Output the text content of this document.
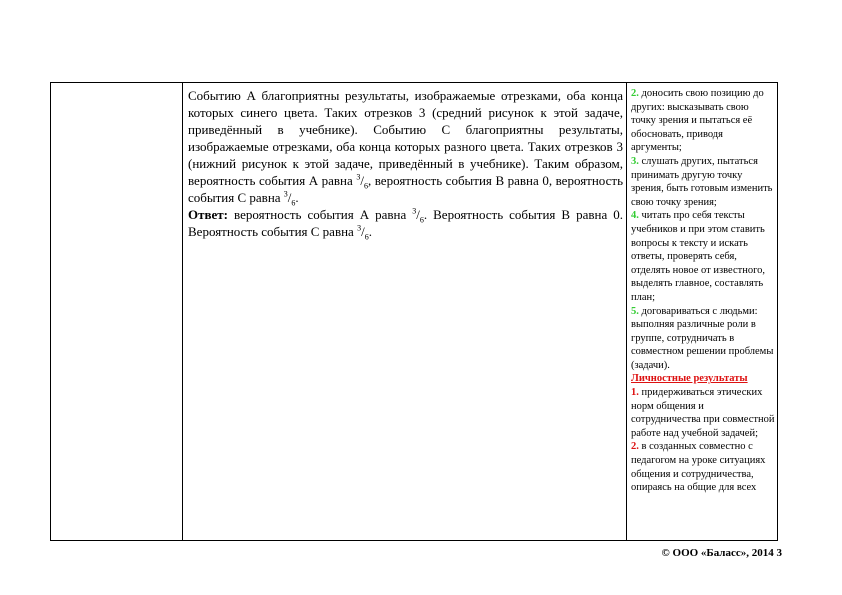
Событию А благоприятны результаты, изображаемые отрезками, оба конца которых синего цвета. Таких отрезков 3 (средний рисунок к этой задаче, приведённый в учебнике). Событию С благоприятны результаты, изображаемые отрезками, оба конца которых разного цвета. Таких отрезков 3 (нижний рисунок к этой задаче, приведённый в учебнике). Таким образом, вероятность события А равна $^3/_6$, вероятность события В равна 0, вероятность события С равна $^3/_6$.
Ответ: вероятность события А равна $^3/_6$. Вероятность события В равна 0. Вероятность события С равна $^3/_6$.

2. доносить свою позицию до других: высказывать свою точку зрения и пытаться её обосновать, приводя аргументы;

3. слушать других, пытаться принимать другую точку зрения, быть готовым изменить свою точку зрения;

4. читать про себя тексты учебников и при этом ставить вопросы к тексту и искать ответы, проверять себя, отделять новое от известного, выделять главное, составлять план;

5. договариваться с людьми: выполняя различные роли в группе, сотрудничать в совместном решении проблемы (задачи).

Личностные результаты

1. придерживаться этических норм общения и сотрудничества при совместной работе над учебной задачей;

2. в созданных совместно с педагогом на уроке ситуациях общения и сотрудничества, опираясь на общие для всех

© ООО «Баласс», 2014 3
